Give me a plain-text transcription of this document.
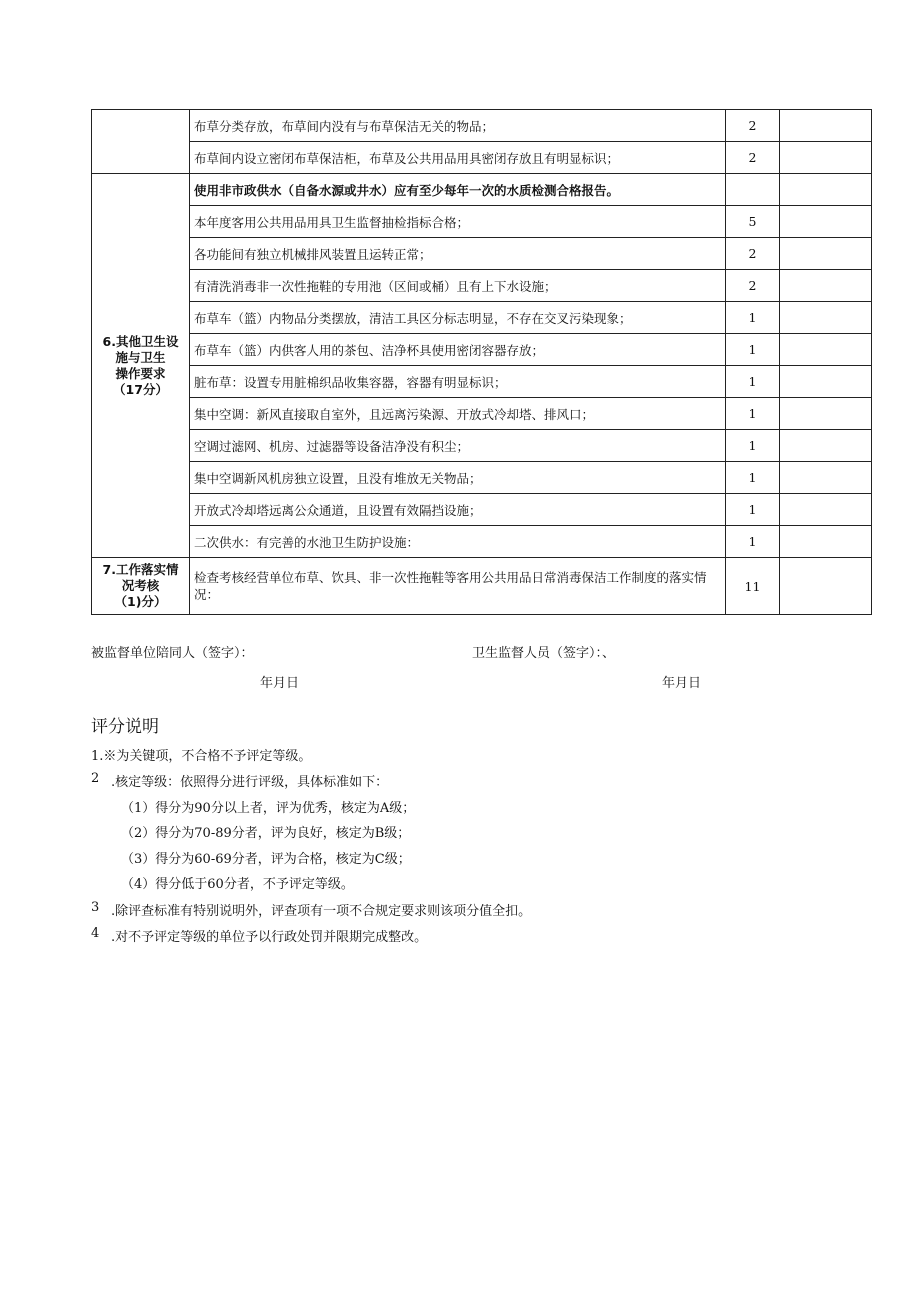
	布草分类存放，布草间内没有与布草保洁无关的物品；	2	
	布草间内设立密闭布草保洁柜，布草及公共用品用具密闭存放且有明显标识；	2	

6.其他卫生设
施与卫生
操作要求
（17分）	使用非市政供水（自备水源或井水）应有至少每年一次的水质检测合格报告。		
	本年度客用公共用品用具卫生监督抽检指标合格；	5	
	各功能间有独立机械排风装置且运转正常；	2	
	有清洗消毒非一次性拖鞋的专用池（区间或桶）且有上下水设施；	2	
	布草车（篮）内物品分类摆放，清洁工具区分标志明显，不存在交叉污染现象；	1	
	布草车（篮）内供客人用的茶包、洁净杯具使用密闭容器存放；	1	
	脏布草：设置专用脏棉织品收集容器，容器有明显标识；	1	
	集中空调：新风直接取自室外，且远离污染源、开放式冷却塔、排风口；	1	
	空调过滤网、机房、过滤器等设备洁净没有积尘；	1	
	集中空调新风机房独立设置，且没有堆放无关物品；	1	
	开放式冷却塔远离公众通道，且设置有效隔挡设施；	1	
	二次供水：有完善的水池卫生防护设施：	1	

7.工作落实情
况考核
（1)分）	检查考核经营单位布草、饮具、非一次性拖鞋等客用公共用品日常消毒保洁工作制度的落实情况：	11	
被监督单位陪同人（签字）：	卫生监督人员（签字）：、
年月日	年月日
评分说明
1.※为关键项，不合格不予评定等级。
2 .核定等级：依照得分进行评级，具体标准如下：
（1）得分为90分以上者，评为优秀，核定为A级；
（2）得分为70-89分者，评为良好，核定为B级；
（3）得分为60-69分者，评为合格，核定为C级；
（4）得分低于60分者，不予评定等级。
3 .除评查标准有特别说明外，评查项有一项不合规定要求则该项分值全扣。
4 .对不予评定等级的单位予以行政处罚并限期完成整改。
